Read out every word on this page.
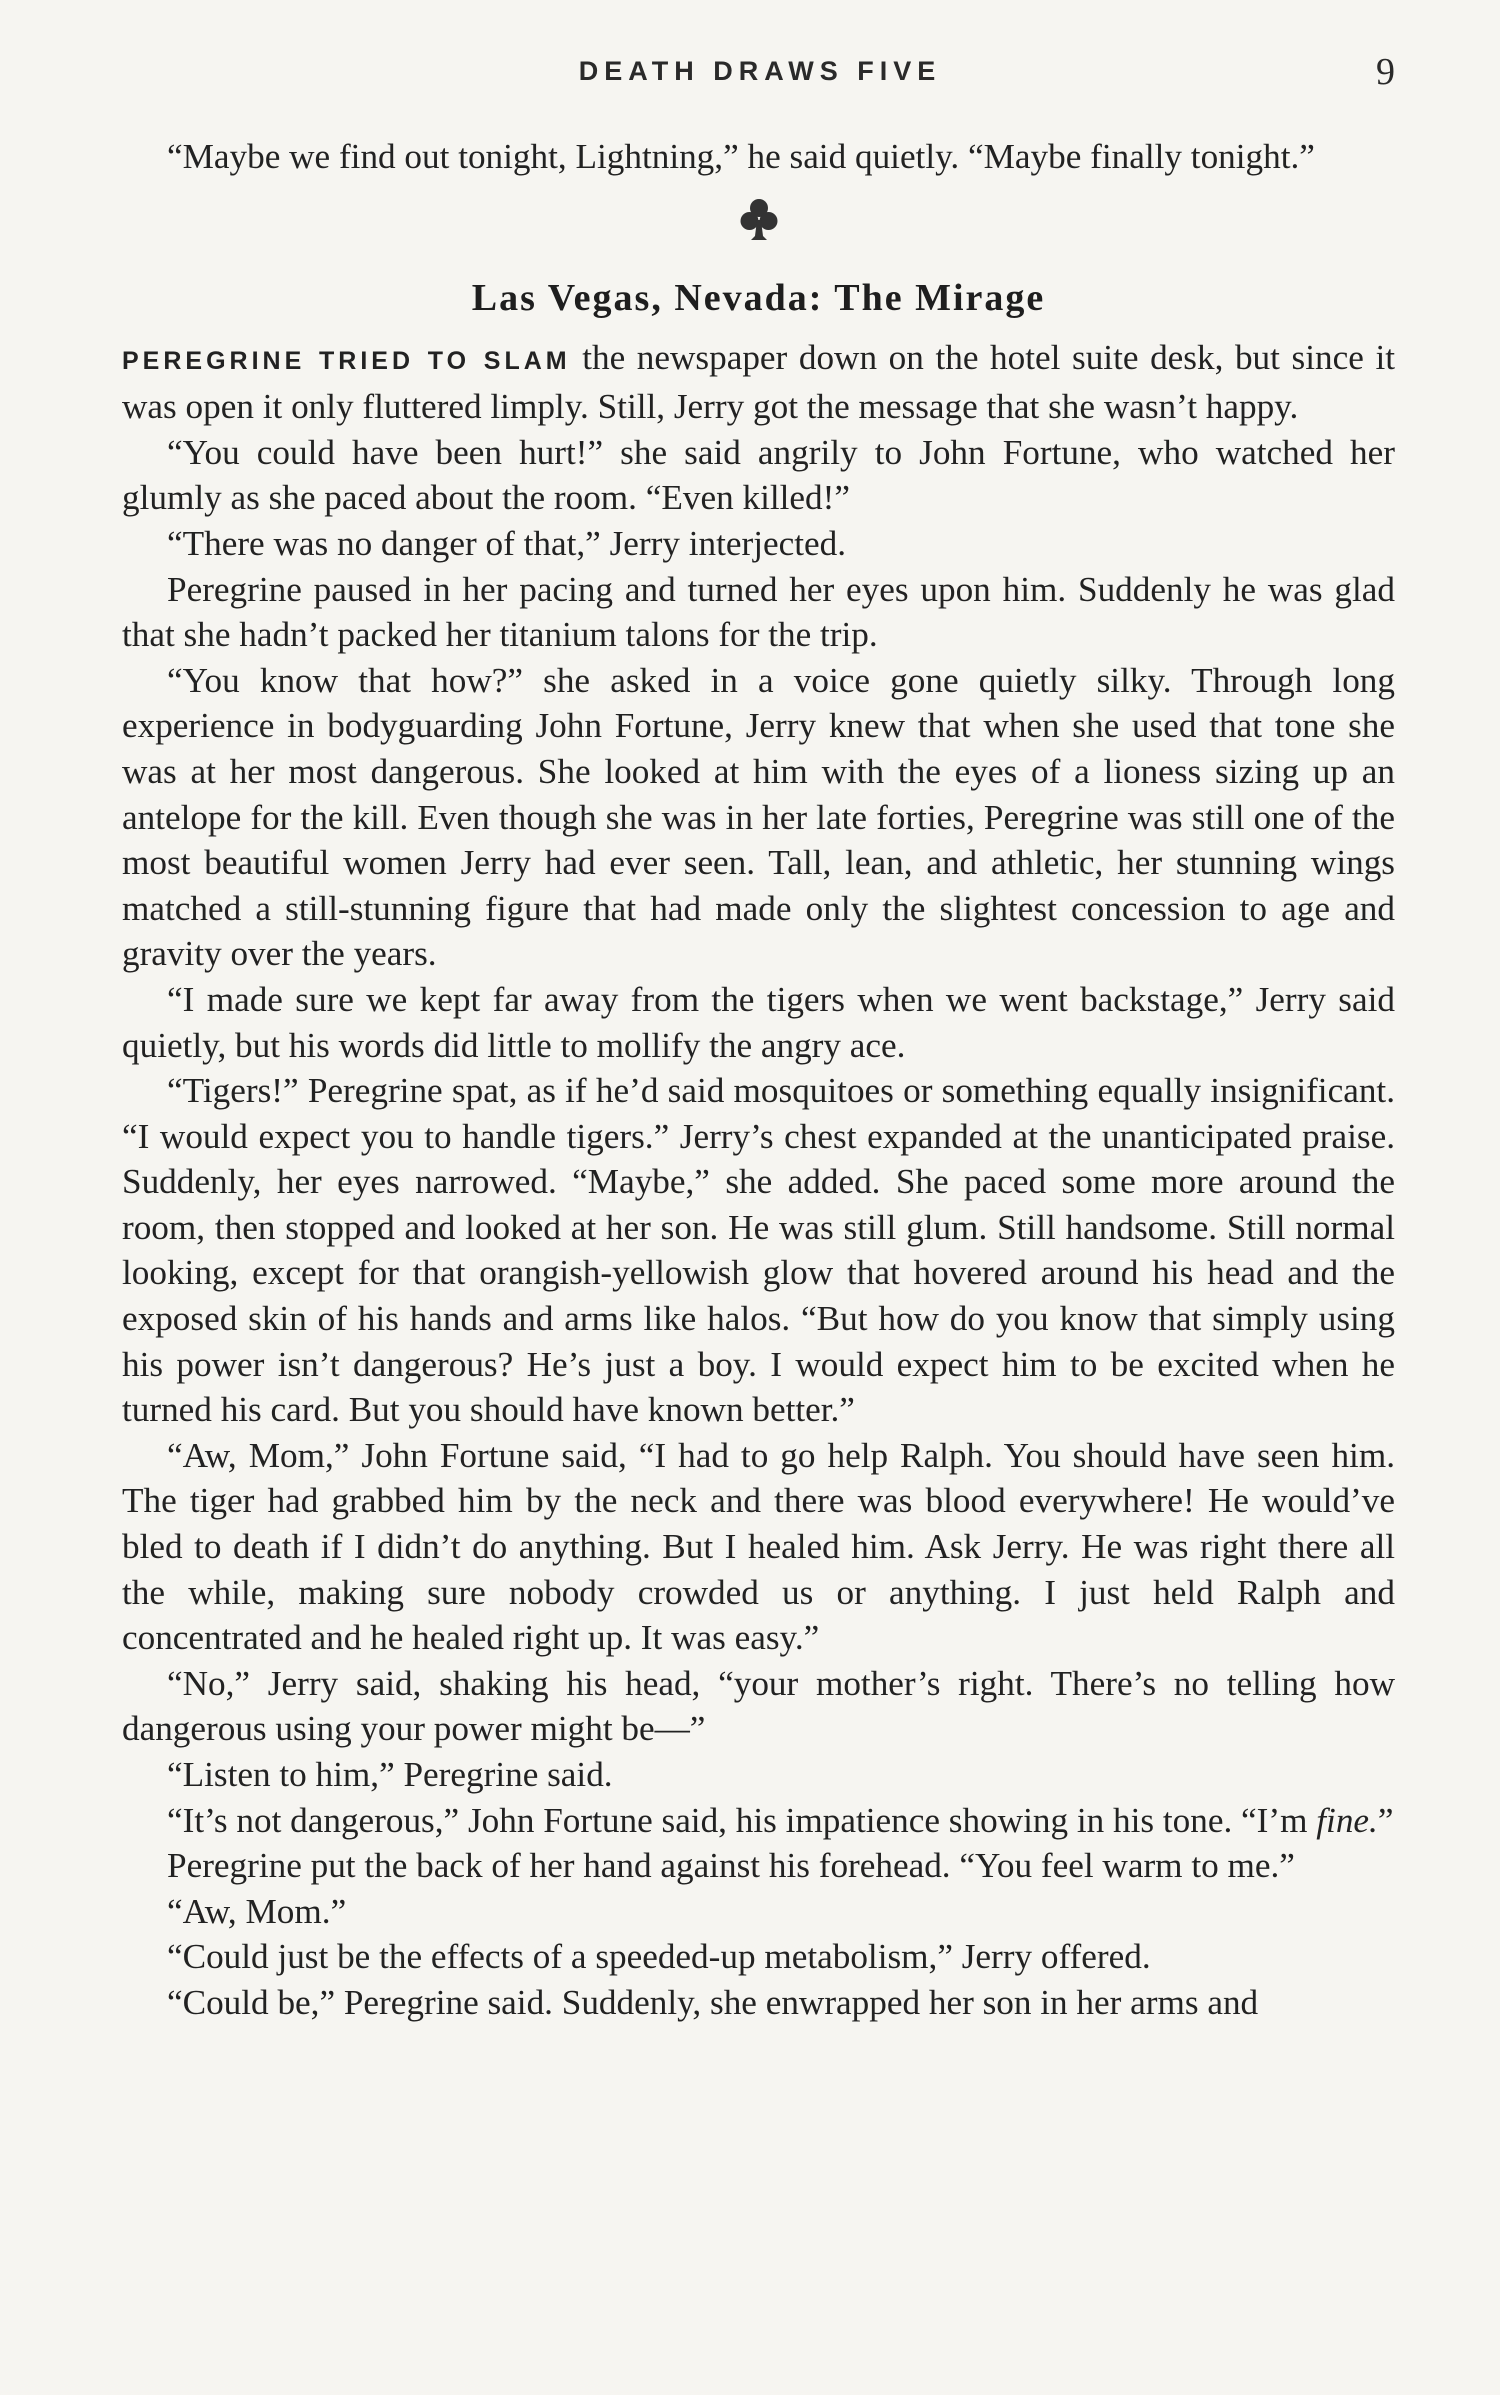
DEATH DRAWS FIVE	9

“Maybe we find out tonight, Lightning,” he said quietly. “Maybe finally tonight.”

Las Vegas, Nevada: The Mirage

PEREGRINE TRIED TO SLAM the newspaper down on the hotel suite desk, but since it was open it only fluttered limply. Still, Jerry got the message that she wasn’t happy.

“You could have been hurt!” she said angrily to John Fortune, who watched her glumly as she paced about the room. “Even killed!”

“There was no danger of that,” Jerry interjected.

Peregrine paused in her pacing and turned her eyes upon him. Suddenly he was glad that she hadn’t packed her titanium talons for the trip.

“You know that how?” she asked in a voice gone quietly silky. Through long experience in bodyguarding John Fortune, Jerry knew that when she used that tone she was at her most dangerous. She looked at him with the eyes of a lioness sizing up an antelope for the kill. Even though she was in her late forties, Peregrine was still one of the most beautiful women Jerry had ever seen. Tall, lean, and athletic, her stunning wings matched a still-stunning figure that had made only the slightest concession to age and gravity over the years.

“I made sure we kept far away from the tigers when we went backstage,” Jerry said quietly, but his words did little to mollify the angry ace.

“Tigers!” Peregrine spat, as if he’d said mosquitoes or something equally insignificant. “I would expect you to handle tigers.” Jerry’s chest expanded at the unanticipated praise. Suddenly, her eyes narrowed. “Maybe,” she added. She paced some more around the room, then stopped and looked at her son. He was still glum. Still handsome. Still normal looking, except for that orangish-yellowish glow that hovered around his head and the exposed skin of his hands and arms like halos. “But how do you know that simply using his power isn’t dangerous? He’s just a boy. I would expect him to be excited when he turned his card. But you should have known better.”

“Aw, Mom,” John Fortune said, “I had to go help Ralph. You should have seen him. The tiger had grabbed him by the neck and there was blood everywhere! He would’ve bled to death if I didn’t do anything. But I healed him. Ask Jerry. He was right there all the while, making sure nobody crowded us or anything. I just held Ralph and concentrated and he healed right up. It was easy.”

“No,” Jerry said, shaking his head, “your mother’s right. There’s no telling how dangerous using your power might be—”

“Listen to him,” Peregrine said.

“It’s not dangerous,” John Fortune said, his impatience showing in his tone. “I’m fine.”

Peregrine put the back of her hand against his forehead. “You feel warm to me.”

“Aw, Mom.”

“Could just be the effects of a speeded-up metabolism,” Jerry offered.

“Could be,” Peregrine said. Suddenly, she enwrapped her son in her arms and
